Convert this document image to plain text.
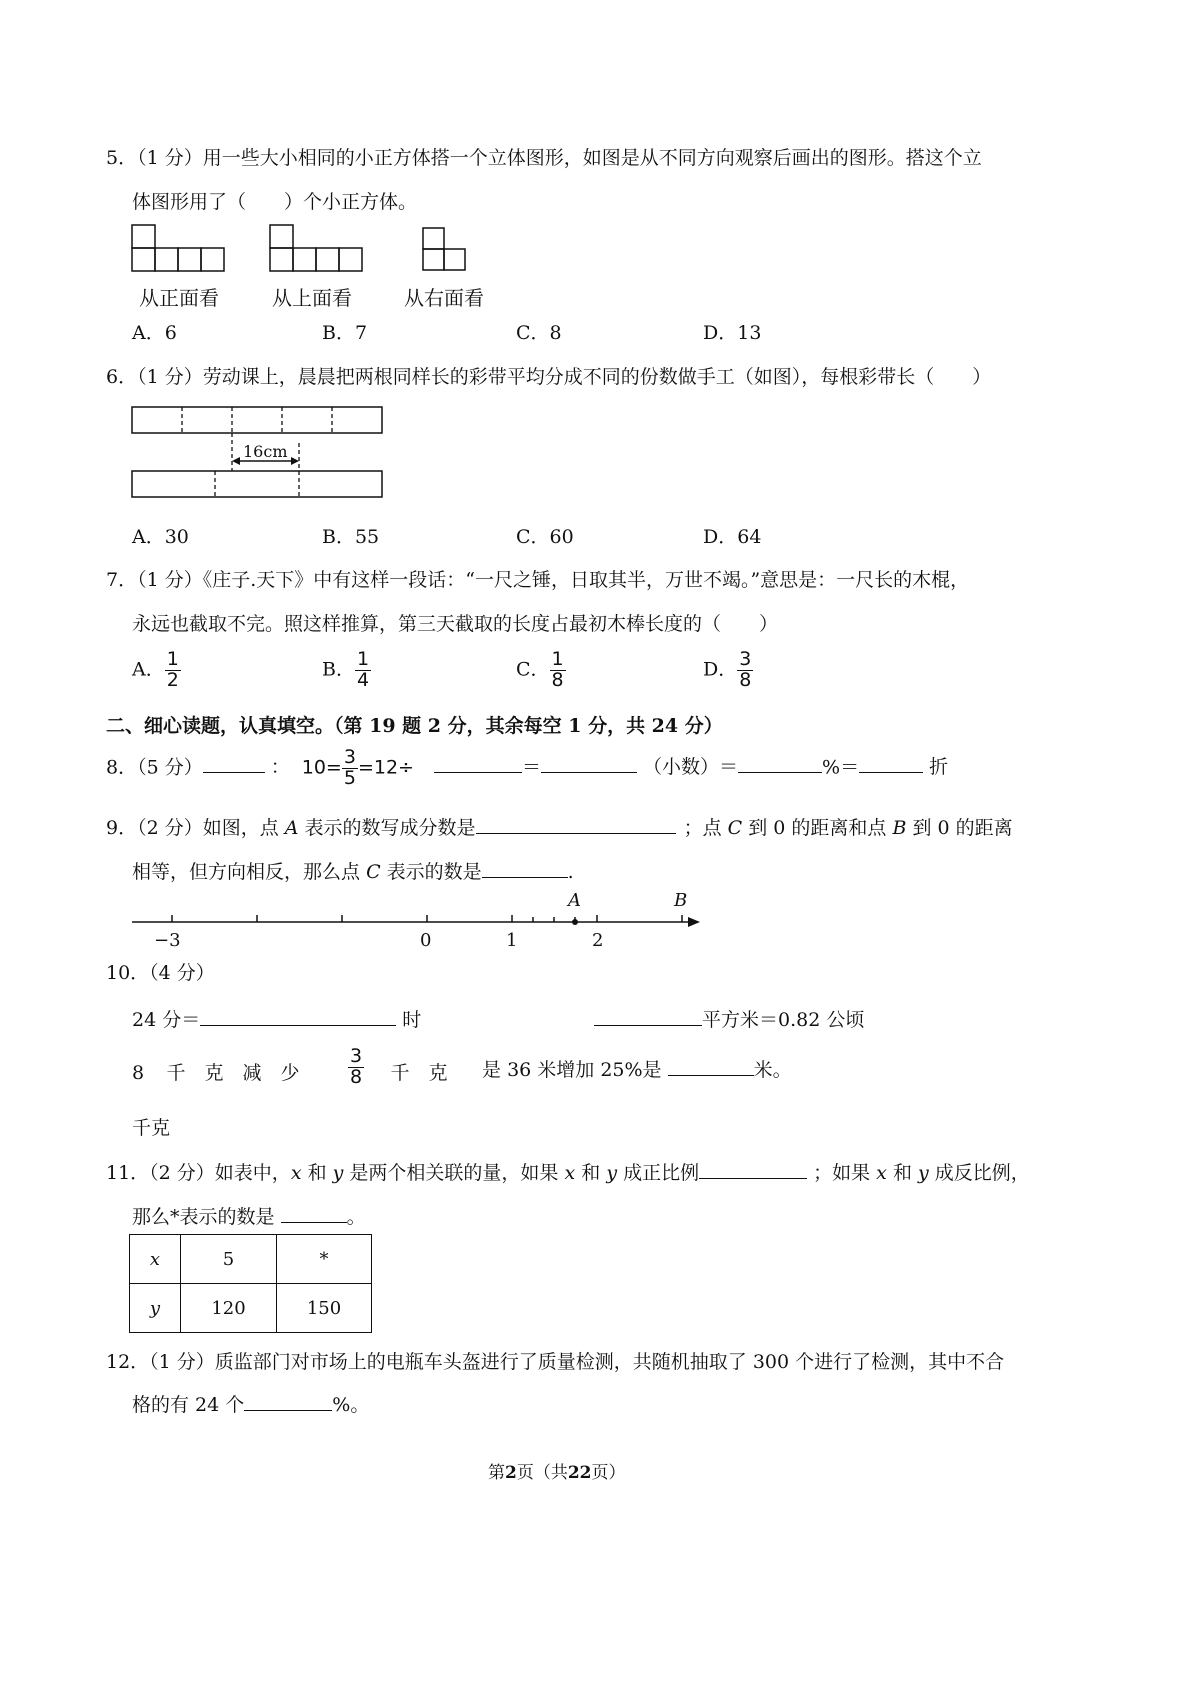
5．（1 分）用一些大小相同的小正方体搭一个立体图形，如图是从不同方向观察后画出的图形。搭这个立
体图形用了（　　）个小正方体。
从正面看	从上面看	从右面看
A．6	B．7	C．8	D．13
6．（1 分）劳动课上，晨晨把两根同样长的彩带平均分成不同的份数做手工（如图），每根彩带长（　　）
16cm
A．30	B．55	C．60	D．64
7．（1 分）《庄子.天下》中有这样一段话：“一尺之锤，日取其半，万世不竭。”意思是：一尺长的木棍，
永远也截取不完。照这样推算，第三天截取的长度占最初木棒长度的（　　）
A． $\frac{1}{2}$	B． $\frac{1}{4}$	C． $\frac{1}{8}$	D． $\frac{3}{8}$
二、细心读题，认真填空。（第 19 题 2 分，其余每空 1 分，共 24 分）
8．（5 分）	： $10= \frac{3}{5} =12\div$	＝	（小数）＝	%＝	折
9．（2 分）如图，点 A 表示的数写成分数是	；点 C 到 0 的距离和点 B 到 0 的距离
相等，但方向相反，那么点 C 表示的数是	.
A	B
−3	0	1	2
10．（4 分）
24 分＝	时	平方米＝0.82 公顷
8 千 克 减 少	$\frac{3}{8}$	千 克	是 36 米增加 25%是	米。
千克
11．（2 分）如表中，x 和 y 是两个相关联的量，如果 x 和 y 成正比例	；如果 x 和 y 成反比例，
那么*表示的数是	。
x	5	*
y	120	150
12．（1 分）质监部门对市场上的电瓶车头盔进行了质量检测，共随机抽取了 300 个进行了检测，其中不合
格的有 24 个	%。
第2页（共22页）
